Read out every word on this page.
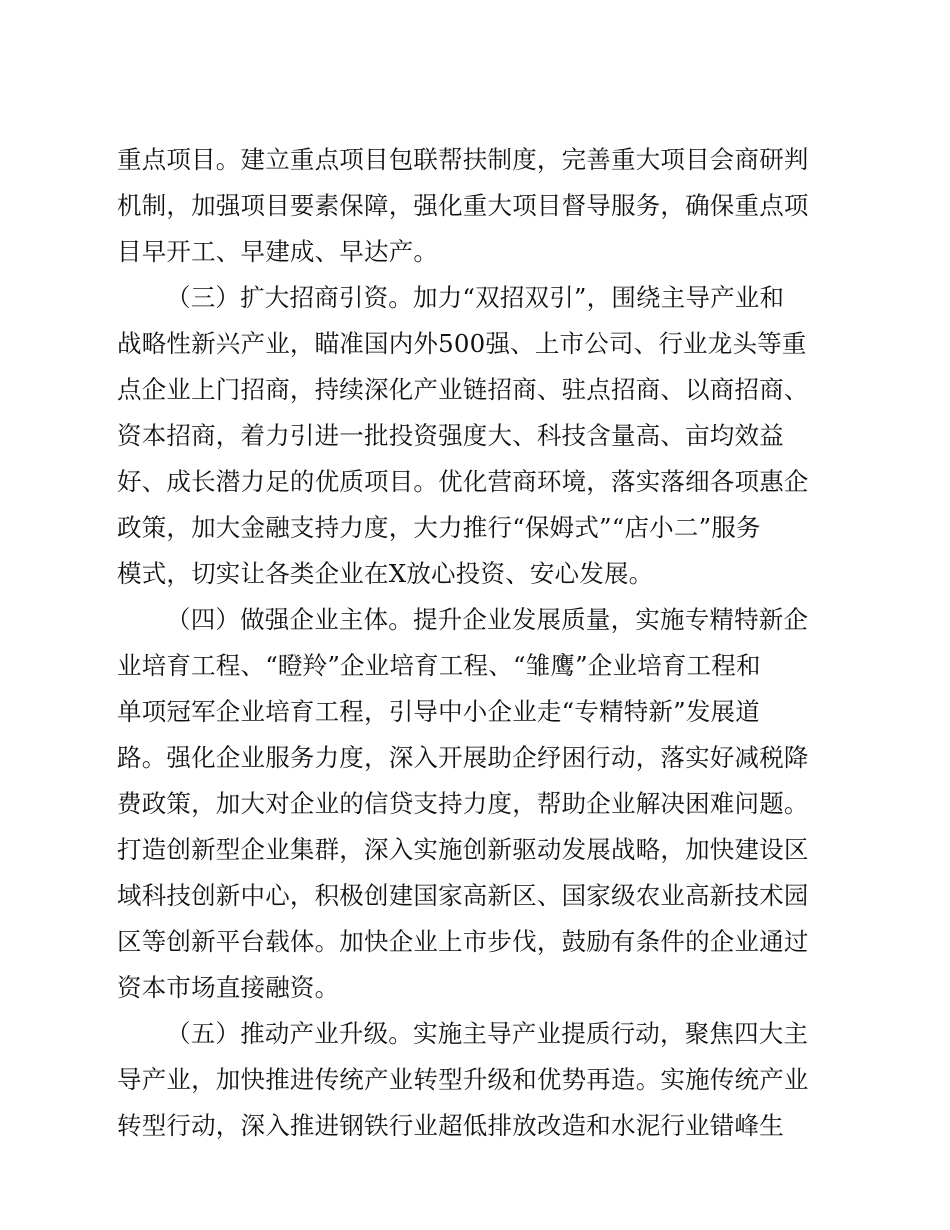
重点项目。建立重点项目包联帮扶制度，完善重大项目会商研判
机制，加强项目要素保障，强化重大项目督导服务，确保重点项
目早开工、早建成、早达产。
（三）扩大招商引资。加力“双招双引”，围绕主导产业和
战略性新兴产业，瞄准国内外500强、上市公司、行业龙头等重
点企业上门招商，持续深化产业链招商、驻点招商、以商招商、
资本招商，着力引进一批投资强度大、科技含量高、亩均效益
好、成长潜力足的优质项目。优化营商环境，落实落细各项惠企
政策，加大金融支持力度，大力推行“保姆式”“店小二”服务
模式，切实让各类企业在X放心投资、安心发展。
（四）做强企业主体。提升企业发展质量，实施专精特新企
业培育工程、“瞪羚”企业培育工程、“雏鹰”企业培育工程和
单项冠军企业培育工程，引导中小企业走“专精特新”发展道
路。强化企业服务力度，深入开展助企纾困行动，落实好减税降
费政策，加大对企业的信贷支持力度，帮助企业解决困难问题。
打造创新型企业集群，深入实施创新驱动发展战略，加快建设区
域科技创新中心，积极创建国家高新区、国家级农业高新技术园
区等创新平台载体。加快企业上市步伐，鼓励有条件的企业通过
资本市场直接融资。
（五）推动产业升级。实施主导产业提质行动，聚焦四大主
导产业，加快推进传统产业转型升级和优势再造。实施传统产业
转型行动，深入推进钢铁行业超低排放改造和水泥行业错峰生
